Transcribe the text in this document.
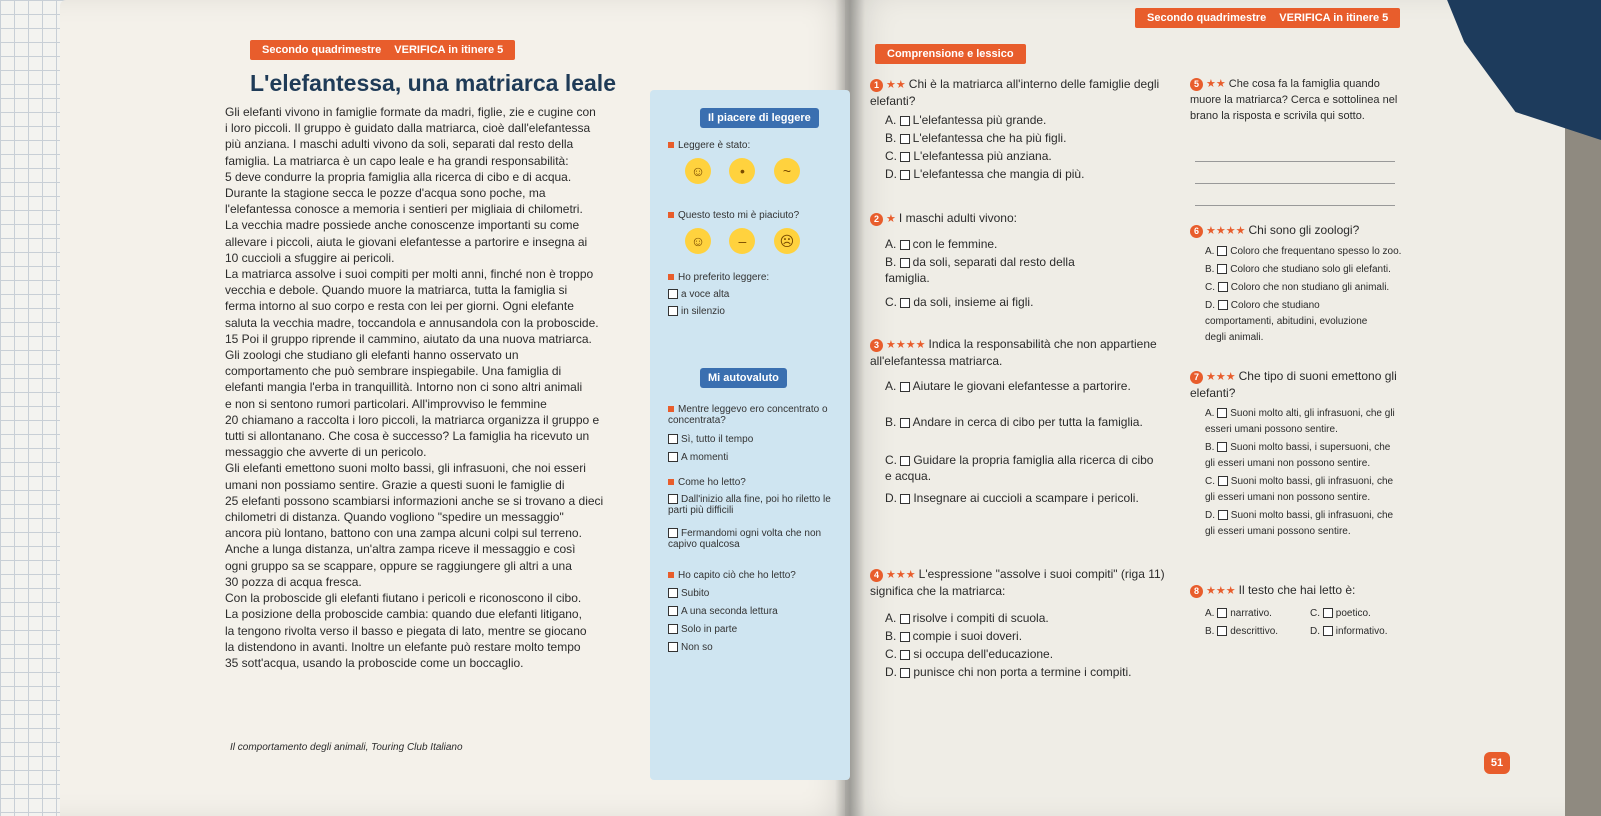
Secondo quadrimestre VERIFICA in itinere 5
L'elefantessa, una matriarca leale
Gli elefanti vivono in famiglie formate da madri, figlie, zie e cugine con
i loro piccoli. Il gruppo è guidato dalla matriarca, cioè dall'elefantessa
più anziana. I maschi adulti vivono da soli, separati dal resto della
famiglia. La matriarca è un capo leale e ha grandi responsabilità:
5 deve condurre la propria famiglia alla ricerca di cibo e di acqua.
Durante la stagione secca le pozze d'acqua sono poche, ma
l'elefantessa conosce a memoria i sentieri per migliaia di chilometri.
La vecchia madre possiede anche conoscenze importanti su come
allevare i piccoli, aiuta le giovani elefantesse a partorire e insegna ai
10 cuccioli a sfuggire ai pericoli.
La matriarca assolve i suoi compiti per molti anni, finché non è troppo
vecchia e debole. Quando muore la matriarca, tutta la famiglia si
ferma intorno al suo corpo e resta con lei per giorni. Ogni elefante
saluta la vecchia madre, toccandola e annusandola con la proboscide.
15 Poi il gruppo riprende il cammino, aiutato da una nuova matriarca.
Gli zoologi che studiano gli elefanti hanno osservato un
comportamento che può sembrare inspiegabile. Una famiglia di
elefanti mangia l'erba in tranquillità. Intorno non ci sono altri animali
e non si sentono rumori particolari. All'improvviso le femmine
20 chiamano a raccolta i loro piccoli, la matriarca organizza il gruppo e
tutti si allontanano. Che cosa è successo? La famiglia ha ricevuto un
messaggio che avverte di un pericolo.
Gli elefanti emettono suoni molto bassi, gli infrasuoni, che noi esseri
umani non possiamo sentire. Grazie a questi suoni le famiglie di
25 elefanti possono scambiarsi informazioni anche se si trovano a dieci
chilometri di distanza. Quando vogliono "spedire un messaggio"
ancora più lontano, battono con una zampa alcuni colpi sul terreno.
Anche a lunga distanza, un'altra zampa riceve il messaggio e così
ogni gruppo sa se scappare, oppure se raggiungere gli altri a una
30 pozza di acqua fresca.
Con la proboscide gli elefanti fiutano i pericoli e riconoscono il cibo.
La posizione della proboscide cambia: quando due elefanti litigano,
la tengono rivolta verso il basso e piegata di lato, mentre se giocano
la distendono in avanti. Inoltre un elefante può restare molto tempo
35 sott'acqua, usando la proboscide come un boccaglio.
Il comportamento degli animali, Touring Club Italiano
Il piacere di leggere
Leggere è stato:
☺ •	~
Questo testo mi è piaciuto?
☺ – ☹
Ho preferito leggere:
a voce alta
in silenzio
Mi autovaluto
Mentre leggevo ero concentrato o concentrata?
Sì, tutto il tempo
A momenti
Come ho letto?
Dall'inizio alla fine, poi ho riletto le parti più difficili
Fermandomi ogni volta che non capivo qualcosa
Ho capito ciò che ho letto?
Subito
A una seconda lettura
Solo in parte
Non so
Secondo quadrimestre VERIFICA in itinere 5
Comprensione e lessico
1 ★★ Chi è la matriarca all'interno delle famiglie degli elefanti?
A. L'elefantessa più grande.
B. L'elefantessa che ha più figli.
C. L'elefantessa più anziana.
D. L'elefantessa che mangia di più.
2 ★ I maschi adulti vivono:
A. con le femmine.
B. da soli, separati dal resto della famiglia.
C. da soli, insieme ai figli.
3 ★★★★ Indica la responsabilità che non appartiene all'elefantessa matriarca.
A. Aiutare le giovani elefantesse a partorire.
B. Andare in cerca di cibo per tutta la famiglia.
C. Guidare la propria famiglia alla ricerca di cibo e acqua.
D. Insegnare ai cuccioli a scampare i pericoli.
4 ★★★ L'espressione "assolve i suoi compiti" (riga 11) significa che la matriarca:
A. risolve i compiti di scuola.
B. compie i suoi doveri.
C. si occupa dell'educazione.
D. punisce chi non porta a termine i compiti.
5 ★★ Che cosa fa la famiglia quando muore la matriarca? Cerca e sottolinea nel brano la risposta e scrivila qui sotto.
6 ★★★★ Chi sono gli zoologi?
A. Coloro che frequentano spesso lo zoo.
B. Coloro che studiano solo gli elefanti.
C. Coloro che non studiano gli animali.
D. Coloro che studiano comportamenti, abitudini, evoluzione degli animali.
7 ★★★ Che tipo di suoni emettono gli elefanti?
A. Suoni molto alti, gli infrasuoni, che gli esseri umani possono sentire.
B. Suoni molto bassi, i supersuoni, che gli esseri umani non possono sentire.
C. Suoni molto bassi, gli infrasuoni, che gli esseri umani non possono sentire.
D. Suoni molto bassi, gli infrasuoni, che gli esseri umani possono sentire.
8 ★★★ Il testo che hai letto è:
A. narrativo.
B. descrittivo.
C. poetico.
D. informativo.
51
